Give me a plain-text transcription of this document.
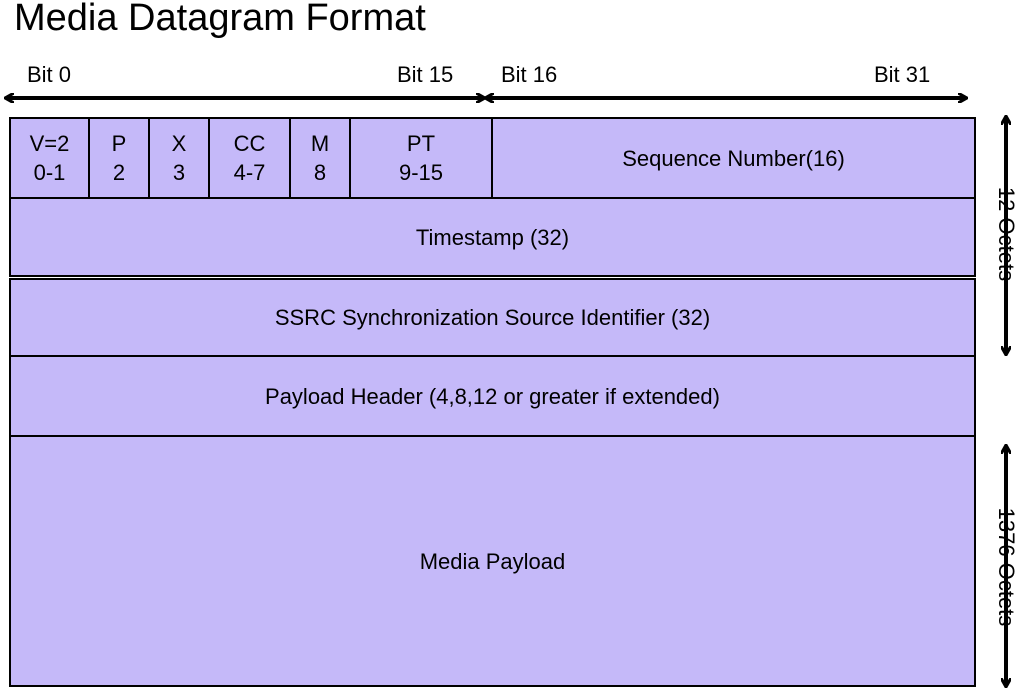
Media Datagram Format
Bit 0	Bit 15 Bit 16	Bit 31
V=2
0-1
P
2
X
3
CC
4-7
M
8
PT
9-15
Sequence Number(16)
Timestamp (32)
SSRC Synchronization Source Identifier (32)
Payload Header (4,8,12 or greater if extended)
Media Payload
12 Octets
1376 Octets
